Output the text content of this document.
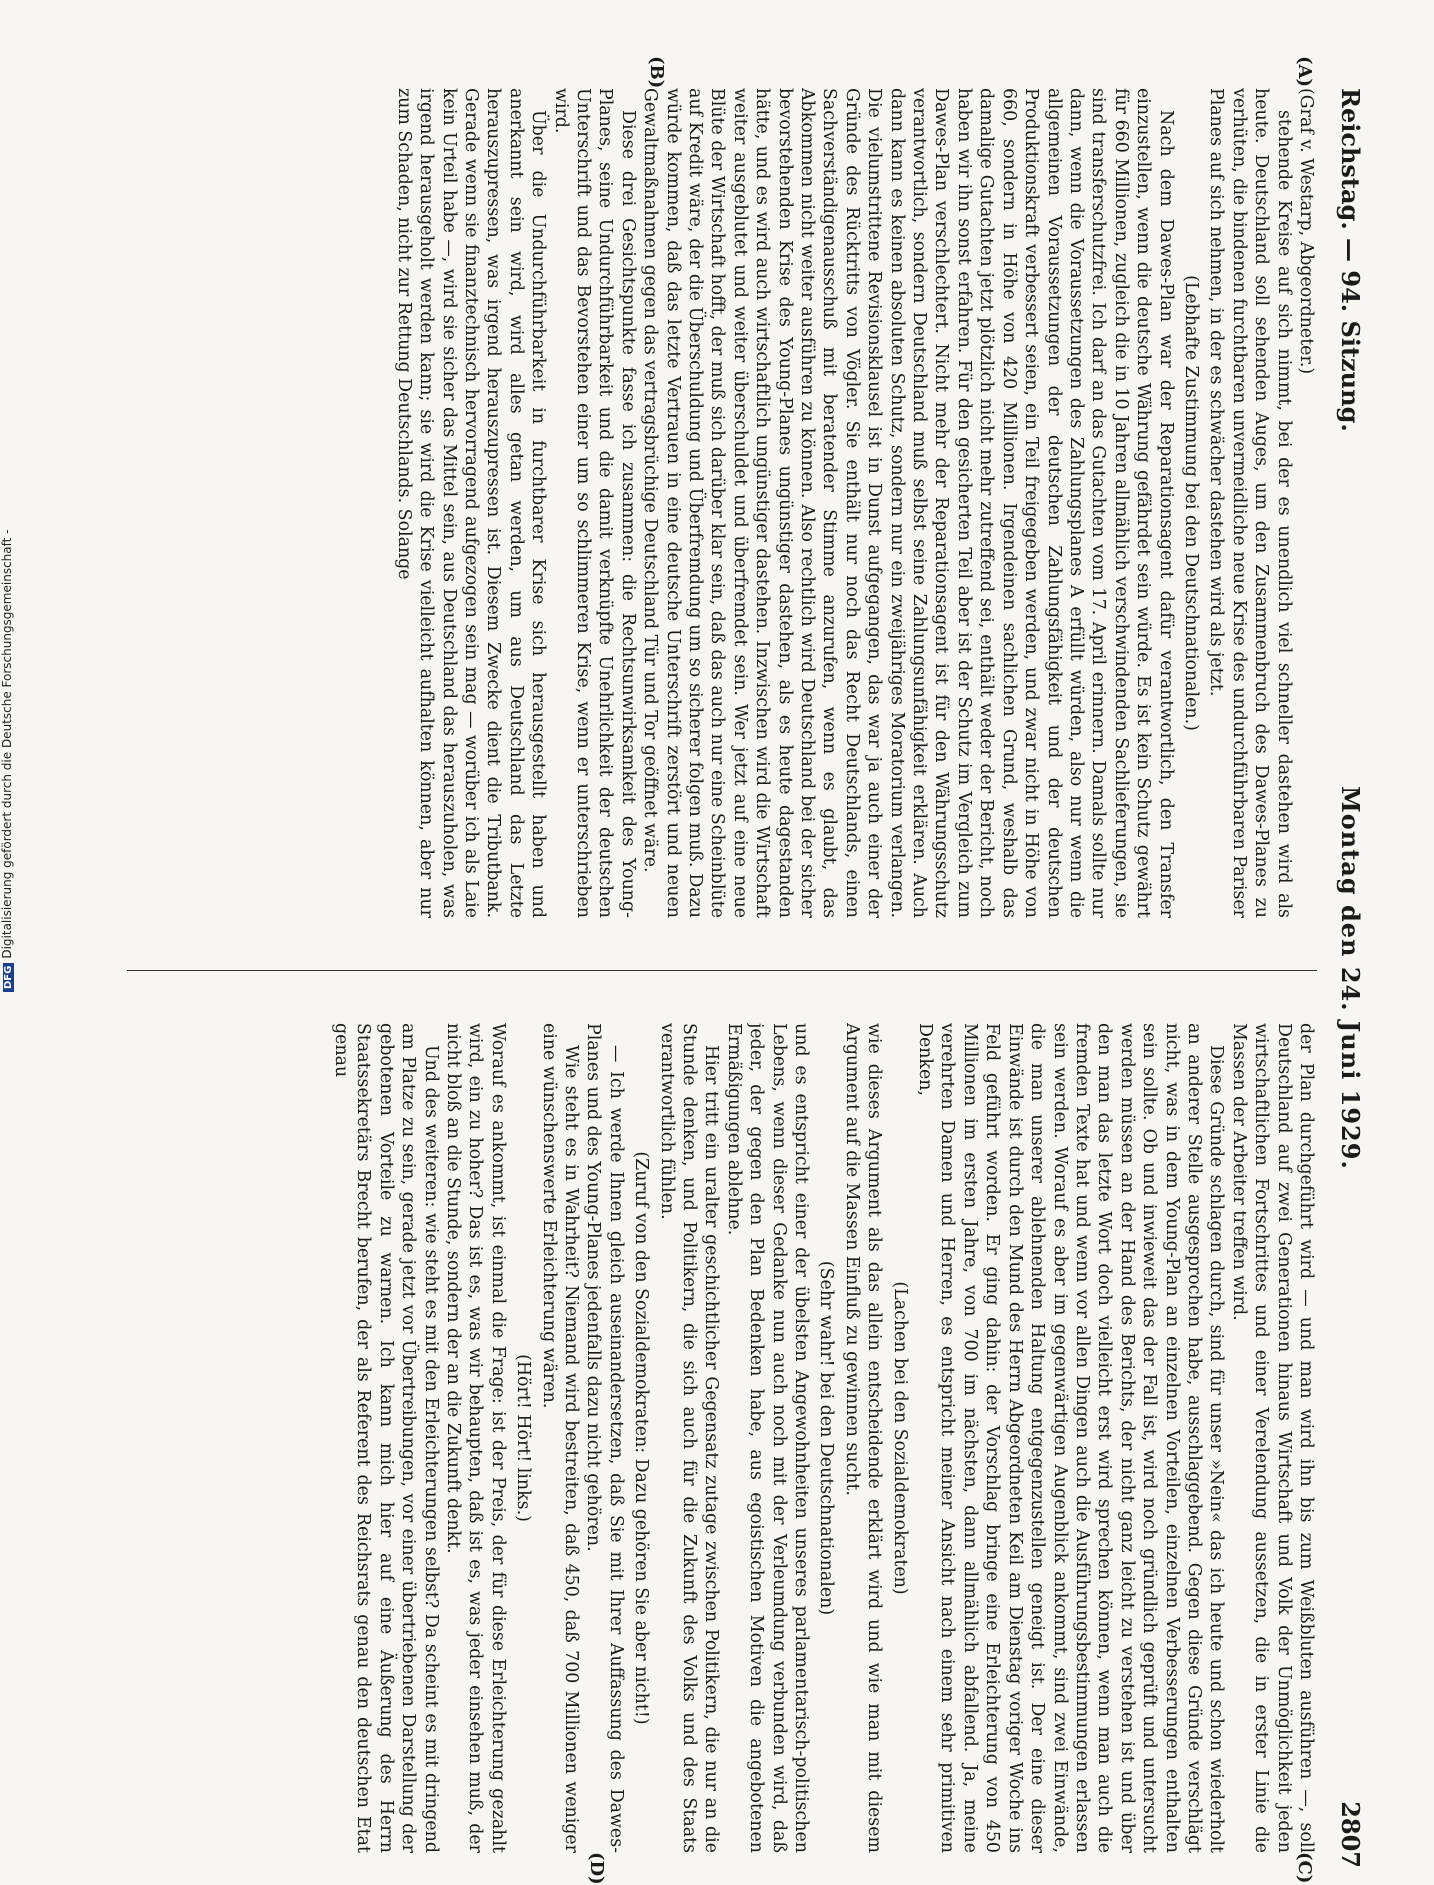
Reichstag. — 94. Sitzung.
Montag den 24. Juni 1929.
2807
(A)
(B)
(C)
(D)

(Graf v. Westarp, Abgeordneter.)

stehende Kreise auf sich nimmt, bei der es unendlich viel schneller dastehen wird als heute. Deutschland soll sehenden Auges, um den Zusammenbruch des Dawes-Planes zu verhüten, die bindenen furchtbaren unvermeidliche neue Krise des undurchführbaren Pariser Planes auf sich nehmen, in der es schwächer dastehen wird als jetzt.

(Lebhafte Zustimmung bei den Deutschnationalen.)

Nach dem Dawes-Plan war der Reparationsagent dafür verantwortlich, den Transfer einzustellen, wenn die deutsche Währung gefährdet sein würde. Es ist kein Schutz gewährt für 660 Millionen, zugleich die in 10 Jahren allmählich verschwindenden Sachlieferungen, sie sind transferschutzfrei. Ich darf an das Gutachten vom 17. April erinnern. Damals sollte nur dann, wenn die Voraussetzungen des Zahlungsplanes A erfüllt würden, also nur wenn die allgemeinen Voraussetzungen der deutschen Zahlungsfähigkeit und der deutschen Produktionskraft verbessert seien, ein Teil freigegeben werden, und zwar nicht in Höhe von 660, sondern in Höhe von 420 Millionen. Irgendeinen sachlichen Grund, weshalb das damalige Gutachten jetzt plötzlich nicht mehr zutreffend sei, enthält weder der Bericht, noch haben wir ihn sonst erfahren. Für den gesicherten Teil aber ist der Schutz im Vergleich zum Dawes-Plan verschlechtert. Nicht mehr der Reparationsagent ist für den Währungsschutz verantwortlich, sondern Deutschland muß selbst seine Zahlungsunfähigkeit erklären. Auch dann kann es keinen absoluten Schutz, sondern nur ein zweijähriges Moratorium verlangen. Die vielumstrittene Revisionsklausel ist in Dunst aufgegangen, das war ja auch einer der Gründe des Rücktritts von Vögler. Sie enthält nur noch das Recht Deutschlands, einen Sachverständigenausschuß mit beratender Stimme anzurufen, wenn es glaubt, das Abkommen nicht weiter ausführen zu können. Also rechtlich wird Deutschland bei der sicher bevorstehenden Krise des Young-Planes ungünstiger dastehen, als es heute dagestanden hätte, und es wird auch wirtschaftlich ungünstiger dastehen. Inzwischen wird die Wirtschaft weiter ausgeblutet und weiter überschuldet und überfremdet sein. Wer jetzt auf eine neue Blüte der Wirtschaft hofft, der muß sich darüber klar sein, daß das auch nur eine Scheinblüte auf Kredit wäre, der die Überschuldung und Überfremdung um so sicherer folgen muß. Dazu würde kommen, daß das letzte Vertrauen in eine deutsche Unterschrift zerstört und neuen Gewaltmaßnahmen gegen das vertragsbrüchige Deutschland Tür und Tor geöffnet wäre.

Diese drei Gesichtspunkte fasse ich zusammen: die Rechtsunwirksamkeit des Young-Planes, seine Undurchführbarkeit und die damit verknüpfte Unehrlichkeit der deutschen Unterschrift und das Bevorstehen einer um so schlimmeren Krise, wenn er unterschrieben wird.

Über die Undurchführbarkeit in furchtbarer Krise sich herausgestellt haben und anerkannt sein wird, wird alles getan werden, um aus Deutschland das Letzte herauszupressen, was irgend herauszupressen ist. Diesem Zwecke dient die Tributbank. Gerade wenn sie finanztechnisch hervorragend aufgezogen sein mag — worüber ich als Laie kein Urteil habe —, wird sie sicher das Mittel sein, aus Deutschland das herauszuholen, was irgend herausgeholt werden kann; sie wird die Krise vielleicht aufhalten können, aber nur zum Schaden, nicht zur Rettung Deutschlands. Solange

der Plan durchgeführt wird — und man wird ihn bis zum Weißbluten ausführen —, soll Deutschland auf zwei Generationen hinaus Wirtschaft und Volk der Unmöglichkeit jeden wirtschaftlichen Fortschrittes und einer Verelendung aussetzen, die in erster Linie die Massen der Arbeiter treffen wird.

Diese Gründe schlagen durch, sind für unser »Nein« das ich heute und schon wiederholt an anderer Stelle ausgesprochen habe, ausschlaggebend. Gegen diese Gründe verschlägt nicht, was in dem Young-Plan an einzelnen Vorteilen, einzelnen Verbesserungen enthalten sein sollte. Ob und inwieweit das der Fall ist, wird noch gründlich geprüft und untersucht werden müssen an der Hand des Berichts, der nicht ganz leicht zu verstehen ist und über den man das letzte Wort doch vielleicht erst wird sprechen können, wenn man auch die fremden Texte hat und wenn vor allen Dingen auch die Ausführungsbestimmungen erlassen sein werden. Worauf es aber im gegenwärtigen Augenblick ankommt, sind zwei Einwände, die man unserer ablehnenden Haltung entgegenzustellen geneigt ist. Der eine dieser Einwände ist durch den Mund des Herrn Abgeordneten Keil am Dienstag voriger Woche ins Feld geführt worden. Er ging dahin: der Vorschlag bringe eine Erleichterung von 450 Millionen im ersten Jahre, von 700 im nächsten, dann allmählich abfallend. Ja, meine verehrten Damen und Herren, es entspricht meiner Ansicht nach einem sehr primitiven Denken,

(Lachen bei den Sozialdemokraten)

wie dieses Argument als das allein entscheidende erklärt wird und wie man mit diesem Argument auf die Massen Einfluß zu gewinnen sucht.

(Sehr wahr! bei den Deutschnationalen)

und es entspricht einer der übelsten Angewohnheiten unseres parlamentarisch-politischen Lebens, wenn dieser Gedanke nun auch noch mit der Verleumdung verbunden wird, daß jeder, der gegen den Plan Bedenken habe, aus egoistischen Motiven die angebotenen Ermäßigungen ablehne.

Hier tritt ein uralter geschichtlicher Gegensatz zutage zwischen Politikern, die nur an die Stunde denken, und Politikern, die sich auch für die Zukunft des Volks und des Staats verantwortlich fühlen.

(Zuruf von den Sozialdemokraten: Dazu gehören Sie aber nicht!)

— Ich werde Ihnen gleich auseinandersetzen, daß Sie mit Ihrer Auffassung des Dawes-Planes und des Young-Planes jedenfalls dazu nicht gehören.

Wie steht es in Wahrheit? Niemand wird bestreiten, daß 450, daß 700 Millionen weniger eine wünschenswerte Erleichterung wären.

(Hört! Hört! links.)

Worauf es ankommt, ist einmal die Frage: ist der Preis, der für diese Erleichterung gezahlt wird, ein zu hoher? Das ist es, was wir behaupten, daß ist es, was jeder einsehen muß, der nicht bloß an die Stunde, sondern der an die Zukunft denkt.

Und des weiteren: wie steht es mit den Erleichterungen selbst? Da scheint es mit dringend am Platze zu sein, gerade jetzt vor Übertreibungen, vor einer übertriebenen Darstellung der gebotenen Vorteile zu warnen. Ich kann mich hier auf eine Äußerung des Herrn Staatssekretärs Brecht berufen, der als Referent des Reichsrats genau den deutschen Etat genau

DFGDigitalisierung gefördert durch die Deutsche Forschungsgemeinschaft -
